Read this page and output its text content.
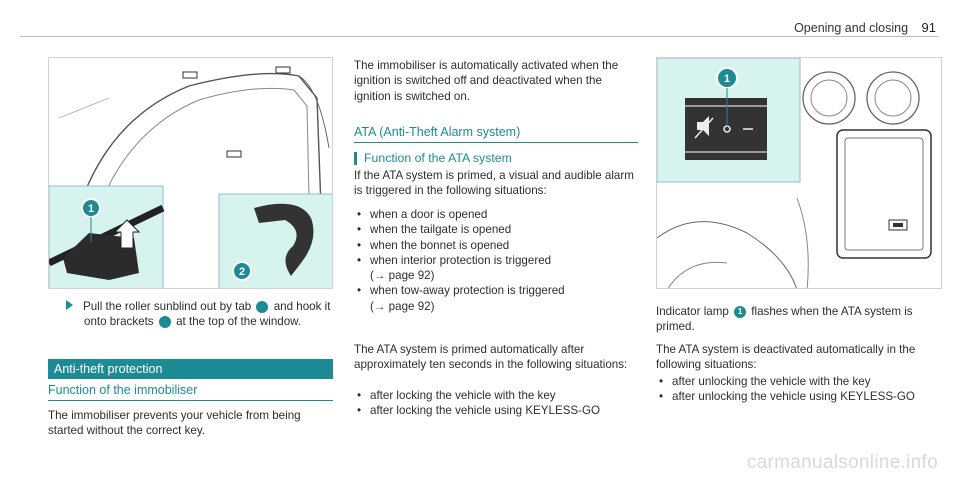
Opening and closing 91
1
2

Pull the roller sunblind out by tab 1 and hook it onto brackets 2 at the top of the window.

Anti-theft protection
Function of the immobiliser
The immobiliser prevents your vehicle from being started without the correct key.
The immobiliser is automatically activated when the ignition is switched off and deactivated when the ignition is switched on.
ATA (Anti-Theft Alarm system)
Function of the ATA system
If the ATA system is primed, a visual and audible alarm is triggered in the following situations:
• when a door is opened
• when the tailgate is opened
• when the bonnet is opened
• when interior protection is triggered
(→ page 92)
• when tow-away protection is triggered
(→ page 92)
The ATA system is primed automatically after approximately ten seconds in the following situations:
• after locking the vehicle with the key
• after locking the vehicle using KEYLESS-GO
1

Indicator lamp 1 flashes when the ATA system is primed.

The ATA system is deactivated automatically in the following situations:
• after unlocking the vehicle with the key
• after unlocking the vehicle using KEYLESS-GO
carmanualsonline.info
